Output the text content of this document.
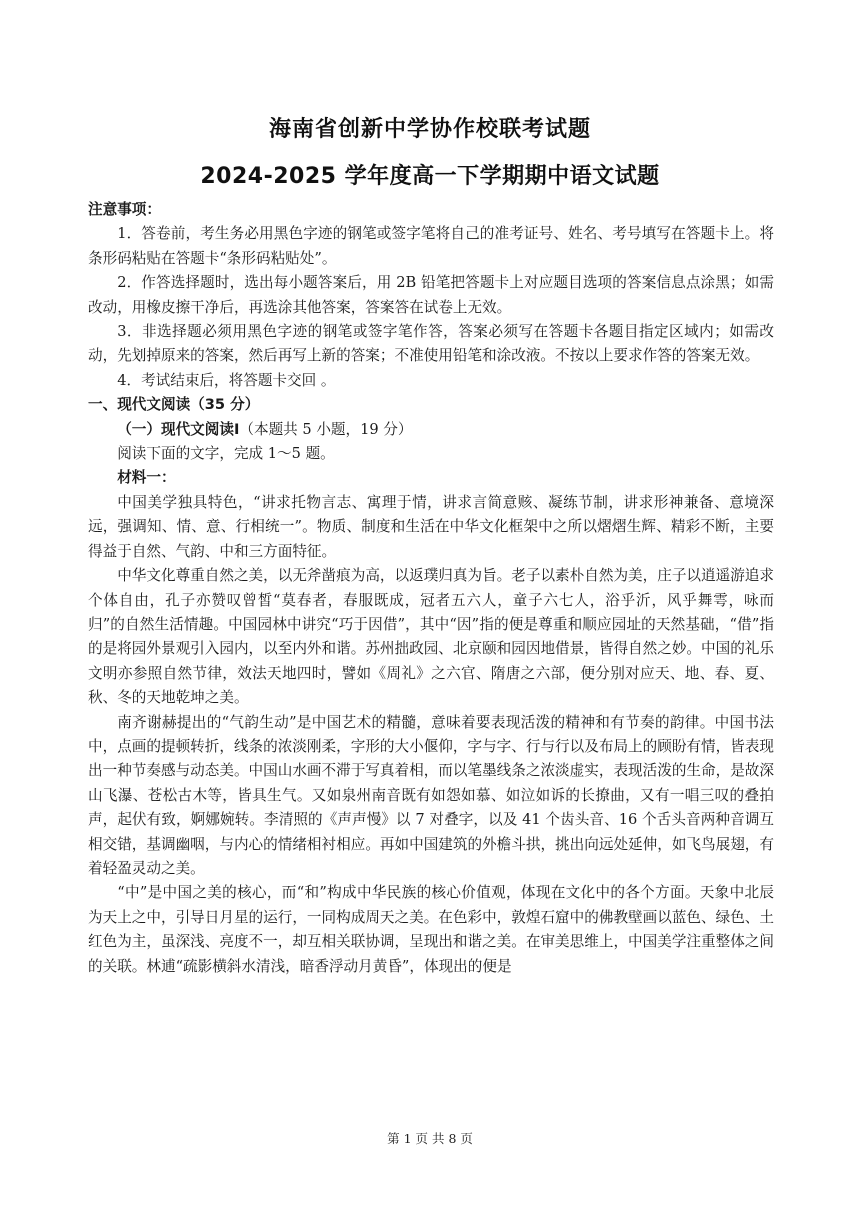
海南省创新中学协作校联考试题
2024-2025 学年度高一下学期期中语文试题

注意事项：

1．答卷前，考生务必用黑色字迹的钢笔或签字笔将自己的准考证号、姓名、考号填写在答题卡上。将条形码粘贴在答题卡“条形码粘贴处”。

2．作答选择题时，选出每小题答案后，用 2B 铅笔把答题卡上对应题目选项的答案信息点涂黑；如需改动，用橡皮擦干净后，再选涂其他答案，答案答在试卷上无效。

3．非选择题必须用黑色字迹的钢笔或签字笔作答，答案必须写在答题卡各题目指定区域内；如需改动，先划掉原来的答案，然后再写上新的答案；不准使用铅笔和涂改液。不按以上要求作答的答案无效。

4．考试结束后，将答题卡交回 。

一、现代文阅读（35 分）

（一）现代文阅读Ⅰ（本题共 5 小题，19 分）

阅读下面的文字，完成 1～5 题。

材料一：

中国美学独具特色，“讲求托物言志、寓理于情，讲求言简意赅、凝练节制，讲求形神兼备、意境深远，强调知、情、意、行相统一”。物质、制度和生活在中华文化框架中之所以熠熠生辉、精彩不断，主要得益于自然、气韵、中和三方面特征。

中华文化尊重自然之美，以无斧凿痕为高，以返璞归真为旨。老子以素朴自然为美，庄子以逍遥游追求个体自由，孔子亦赞叹曾皙“莫春者，春服既成，冠者五六人，童子六七人，浴乎沂，风乎舞雩，咏而归”的自然生活情趣。中国园林中讲究“巧于因借”，其中“因”指的便是尊重和顺应园址的天然基础，“借”指的是将园外景观引入园内，以至内外和谐。苏州拙政园、北京颐和园因地借景，皆得自然之妙。中国的礼乐文明亦参照自然节律，效法天地四时，譬如《周礼》之六官、隋唐之六部，便分别对应天、地、春、夏、秋、冬的天地乾坤之美。

南齐谢赫提出的“气韵生动”是中国艺术的精髓，意味着要表现活泼的精神和有节奏的韵律。中国书法中，点画的提顿转折，线条的浓淡刚柔，字形的大小偃仰，字与字、行与行以及布局上的顾盼有情，皆表现出一种节奏感与动态美。中国山水画不滞于写真着相，而以笔墨线条之浓淡虚实，表现活泼的生命，是故深山飞瀑、苍松古木等，皆具生气。又如泉州南音既有如怨如慕、如泣如诉的长撩曲，又有一唱三叹的叠拍声，起伏有致，婀娜婉转。李清照的《声声慢》以 7 对叠字，以及 41 个齿头音、16 个舌头音两种音调互相交错，基调幽咽，与内心的情绪相衬相应。再如中国建筑的外檐斗拱，挑出向远处延伸，如飞鸟展翅，有着轻盈灵动之美。

“中”是中国之美的核心，而“和”构成中华民族的核心价值观，体现在文化中的各个方面。天象中北辰为天上之中，引导日月星的运行，一同构成周天之美。在色彩中，敦煌石窟中的佛教壁画以蓝色、绿色、土红色为主，虽深浅、亮度不一，却互相关联协调，呈现出和谐之美。在审美思维上，中国美学注重整体之间的关联。林逋“疏影横斜水清浅，暗香浮动月黄昏”，体现出的便是

第 1 页 共 8 页
